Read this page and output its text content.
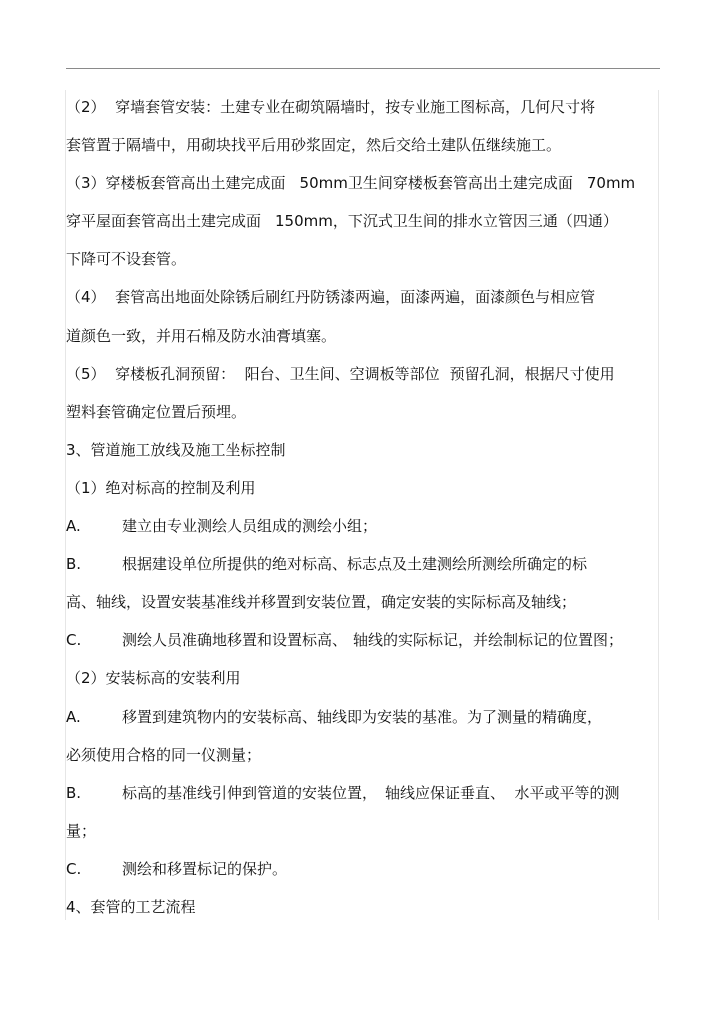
（2）  穿墙套管安装：土建专业在砌筑隔墙时，按专业施工图标高，几何尺寸将
套管置于隔墙中，用砌块找平后用砂浆固定，然后交给土建队伍继续施工。
（3）穿楼板套管高出土建完成面 50mm卫生间穿楼板套管高出土建完成面 70mm
穿平屋面套管高出土建完成面 150mm，下沉式卫生间的排水立管因三通（四通）
下降可不设套管。
（4）  套管高出地面处除锈后刷红丹防锈漆两遍，面漆两遍，面漆颜色与相应管
道颜色一致，并用石棉及防水油膏填塞。
（5）  穿楼板孔洞预留：  阳台、卫生间、空调板等部位 预留孔洞，根据尺寸使用
塑料套管确定位置后预埋。
3、管道施工放线及施工坐标控制
（1）绝对标高的控制及利用
A.	建立由专业测绘人员组成的测绘小组；
B.	根据建设单位所提供的绝对标高、标志点及土建测绘所测绘所确定的标
高、轴线，设置安装基准线并移置到安装位置，确定安装的实际标高及轴线；
C.	测绘人员准确地移置和设置标高、 轴线的实际标记，并绘制标记的位置图；
（2）安装标高的安装利用
A.	移置到建筑物内的安装标高、轴线即为安装的基准。为了测量的精确度，
必须使用合格的同一仪测量；
B.	标高的基准线引伸到管道的安装位置， 轴线应保证垂直、  水平或平等的测
量；
C.	测绘和移置标记的保护。
4、套管的工艺流程
